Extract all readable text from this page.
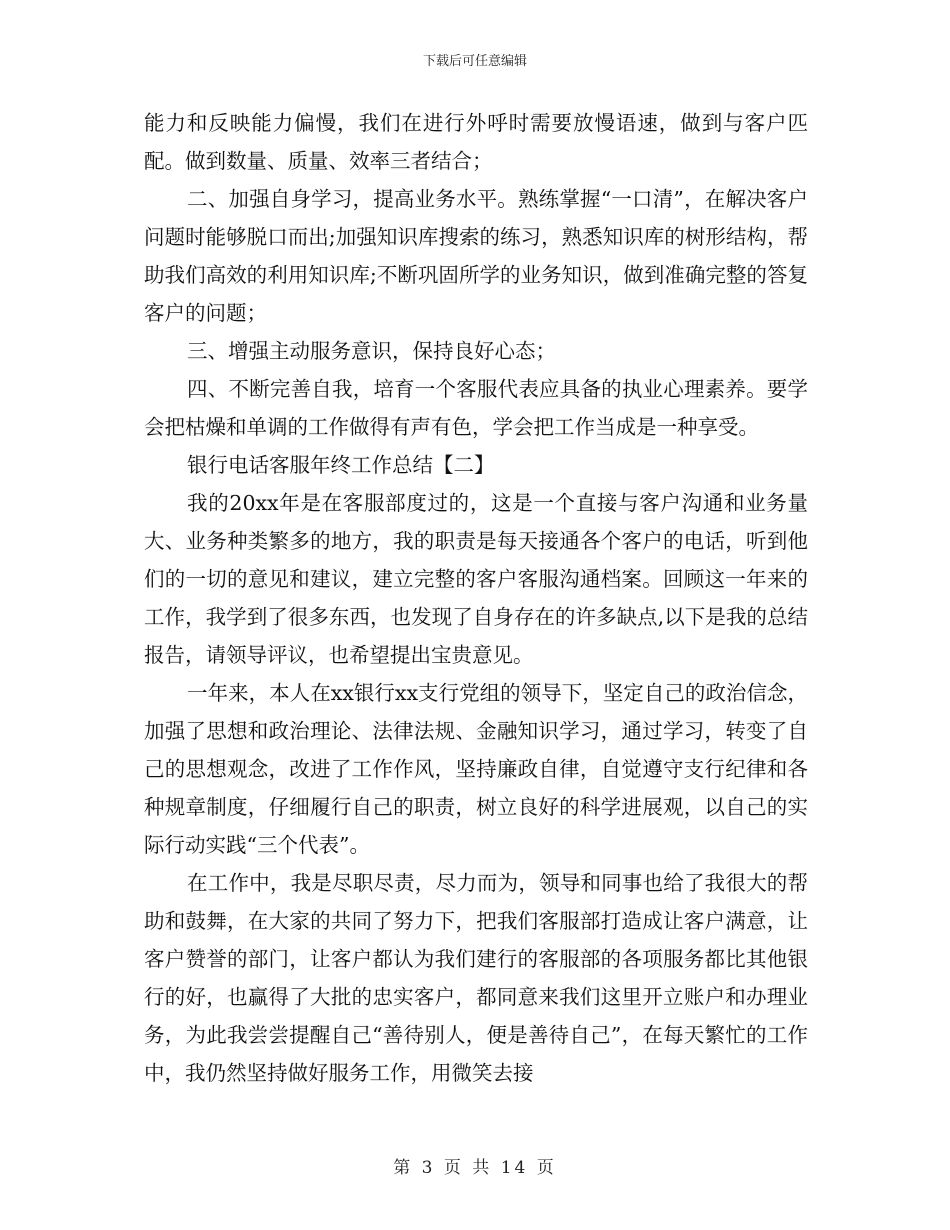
下载后可任意编辑

能力和反映能力偏慢，我们在进行外呼时需要放慢语速，做到与客户匹配。做到数量、质量、效率三者结合；

二、加强自身学习，提高业务水平。熟练掌握“一口清”，在解决客户问题时能够脱口而出;加强知识库搜索的练习，熟悉知识库的树形结构，帮助我们高效的利用知识库;不断巩固所学的业务知识，做到准确完整的答复客户的问题；

三、增强主动服务意识，保持良好心态；

四、不断完善自我，培育一个客服代表应具备的执业心理素养。要学会把枯燥和单调的工作做得有声有色，学会把工作当成是一种享受。

银行电话客服年终工作总结【二】

我的20xx年是在客服部度过的，这是一个直接与客户沟通和业务量大、业务种类繁多的地方，我的职责是每天接通各个客户的电话，听到他们的一切的意见和建议，建立完整的客户客服沟通档案。回顾这一年来的工作，我学到了很多东西，也发现了自身存在的许多缺点,以下是我的总结报告，请领导评议，也希望提出宝贵意见。

一年来，本人在xx银行xx支行党组的领导下，坚定自己的政治信念，加强了思想和政治理论、法律法规、金融知识学习，通过学习，转变了自己的思想观念，改进了工作作风，坚持廉政自律，自觉遵守支行纪律和各种规章制度，仔细履行自己的职责，树立良好的科学进展观，以自己的实际行动实践“三个代表”。

在工作中，我是尽职尽责，尽力而为，领导和同事也给了我很大的帮助和鼓舞，在大家的共同了努力下，把我们客服部打造成让客户满意，让客户赞誉的部门，让客户都认为我们建行的客服部的各项服务都比其他银行的好，也赢得了大批的忠实客户，都同意来我们这里开立账户和办理业务，为此我尝尝提醒自己“善待别人，便是善待自己”，在每天繁忙的工作中，我仍然坚持做好服务工作，用微笑去接

第 3 页 共 14 页
